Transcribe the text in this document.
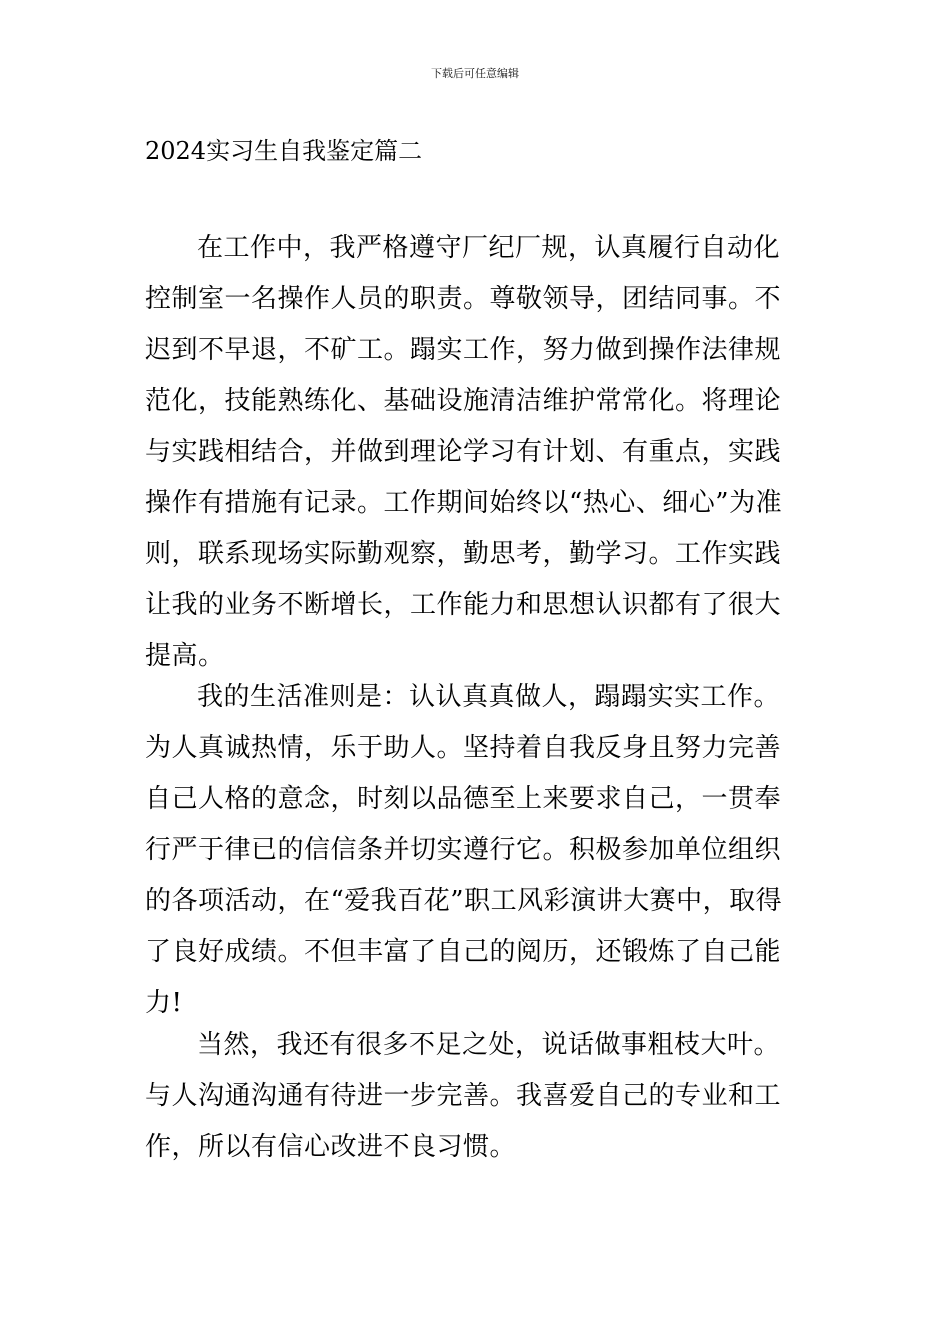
下载后可任意编辑
2024实习生自我鉴定篇二

在工作中，我严格遵守厂纪厂规，认真履行自动化控制室一名操作人员的职责。尊敬领导，团结同事。不迟到不早退，不矿工。蹋实工作，努力做到操作法律规范化，技能熟练化、基础设施清洁维护常常化。将理论与实践相结合，并做到理论学习有计划、有重点，实践操作有措施有记录。工作期间始终以“热心、细心”为准则，联系现场实际勤观察，勤思考，勤学习。工作实践让我的业务不断增长，工作能力和思想认识都有了很大提高。

我的生活准则是：认认真真做人，蹋蹋实实工作。为人真诚热情，乐于助人。坚持着自我反身且努力完善自己人格的意念，时刻以品德至上来要求自己，一贯奉行严于律已的信信条并切实遵行它。积极参加单位组织的各项活动，在“爱我百花”职工风彩演讲大赛中，取得了良好成绩。不但丰富了自己的阅历，还锻炼了自己能力!

当然，我还有很多不足之处，说话做事粗枝大叶。与人沟通沟通有待进一步完善。我喜爱自己的专业和工作，所以有信心改进不良习惯。
